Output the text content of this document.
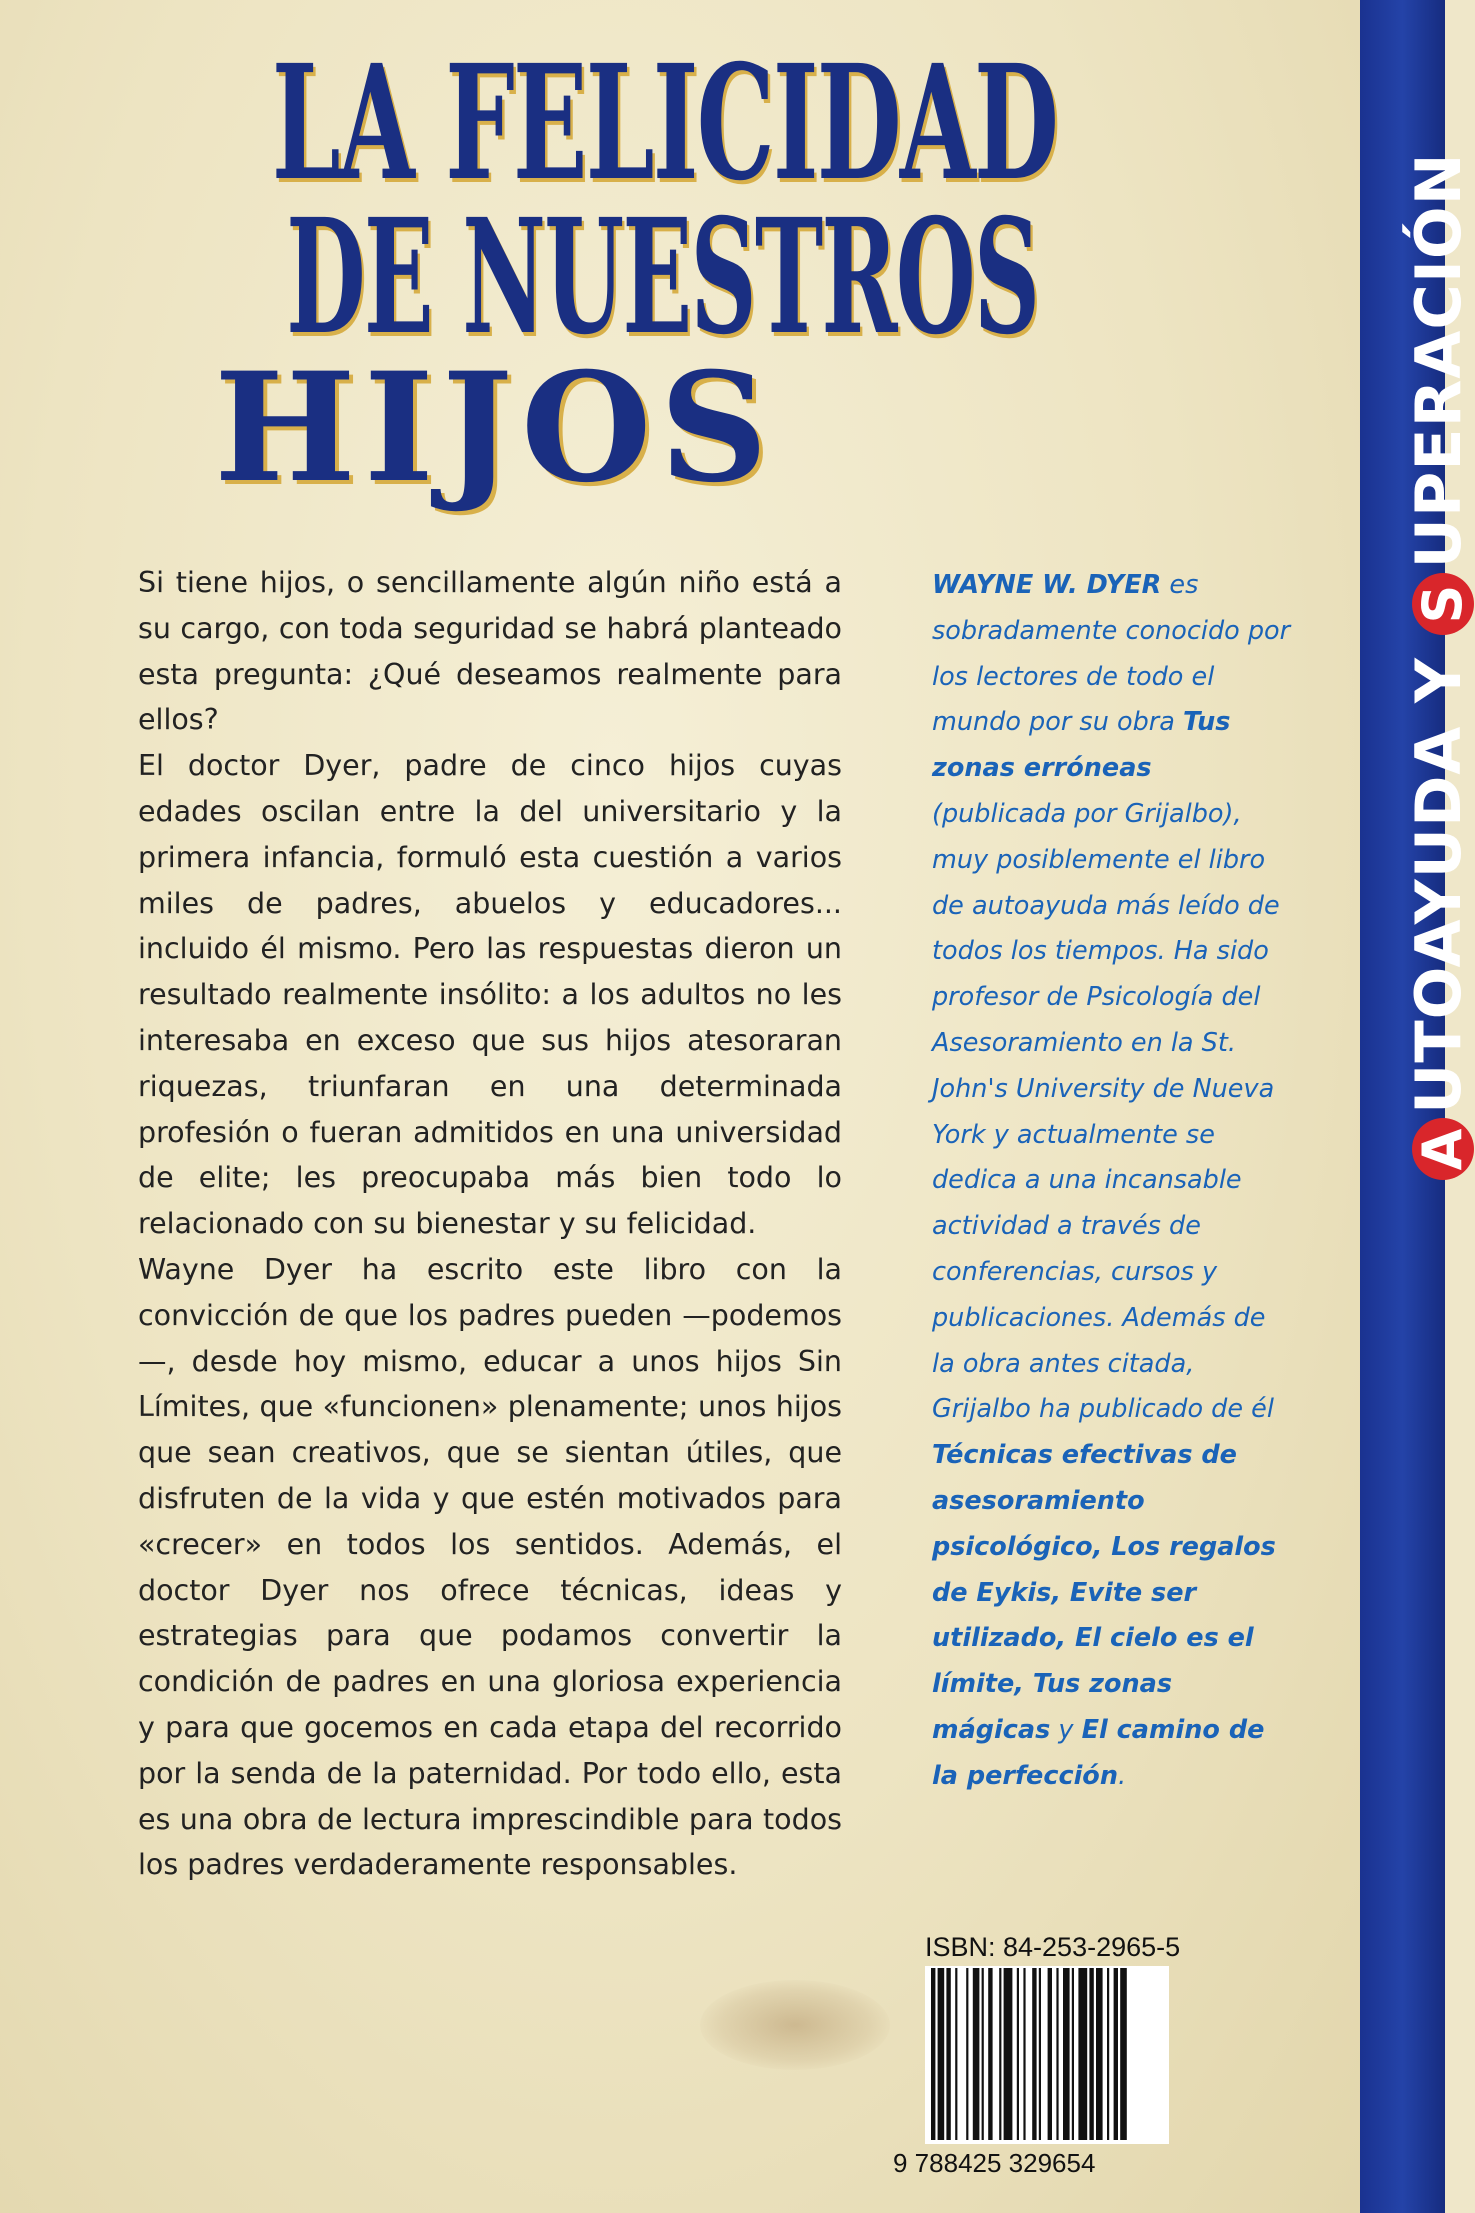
LA FELICIDAD
DE NUESTROS
HIJOS

Si tiene hijos, o sencillamente algún niño está a su cargo, con toda seguridad se habrá planteado esta pregunta: ¿Qué deseamos realmente para ellos?

El doctor Dyer, padre de cinco hijos cuyas edades oscilan entre la del universitario y la primera infancia, formuló esta cuestión a varios miles de padres, abuelos y educadores... incluido él mismo. Pero las respuestas dieron un resultado realmente insólito: a los adultos no les interesaba en exceso que sus hijos atesoraran riquezas, triunfaran en una determinada profesión o fueran admitidos en una universidad de elite; les preocupaba más bien todo lo relacionado con su bienestar y su felicidad.

Wayne Dyer ha escrito este libro con la convicción de que los padres pueden —podemos—, desde hoy mismo, educar a unos hijos Sin Límites, que «funcionen» plenamente; unos hijos que sean creativos, que se sientan útiles, que disfruten de la vida y que estén motivados para «crecer» en todos los sentidos. Además, el doctor Dyer nos ofrece técnicas, ideas y estrategias para que podamos convertir la condición de padres en una gloriosa experiencia y para que gocemos en cada etapa del recorrido por la senda de la paternidad. Por todo ello, esta es una obra de lectura imprescindible para todos los padres verdaderamente responsables.

WAYNE W. DYER es sobradamente conocido por los lectores de todo el mundo por su obra Tus zonas erróneas (publicada por Grijalbo), muy posiblemente el libro de autoayuda más leído de todos los tiempos. Ha sido profesor de Psicología del Asesoramiento en la St. John's University de Nueva York y actualmente se dedica a una incansable actividad a través de conferencias, cursos y publicaciones. Además de la obra antes citada, Grijalbo ha publicado de él Técnicas efectivas de asesoramiento psicológico, Los regalos de Eykis, Evite ser utilizado, El cielo es el límite, Tus zonas mágicas y El camino de la perfección.
ISBN: 84-253-2965-5
9 788425 329654
AUTOAYUDA Y SUPERACIÓN
